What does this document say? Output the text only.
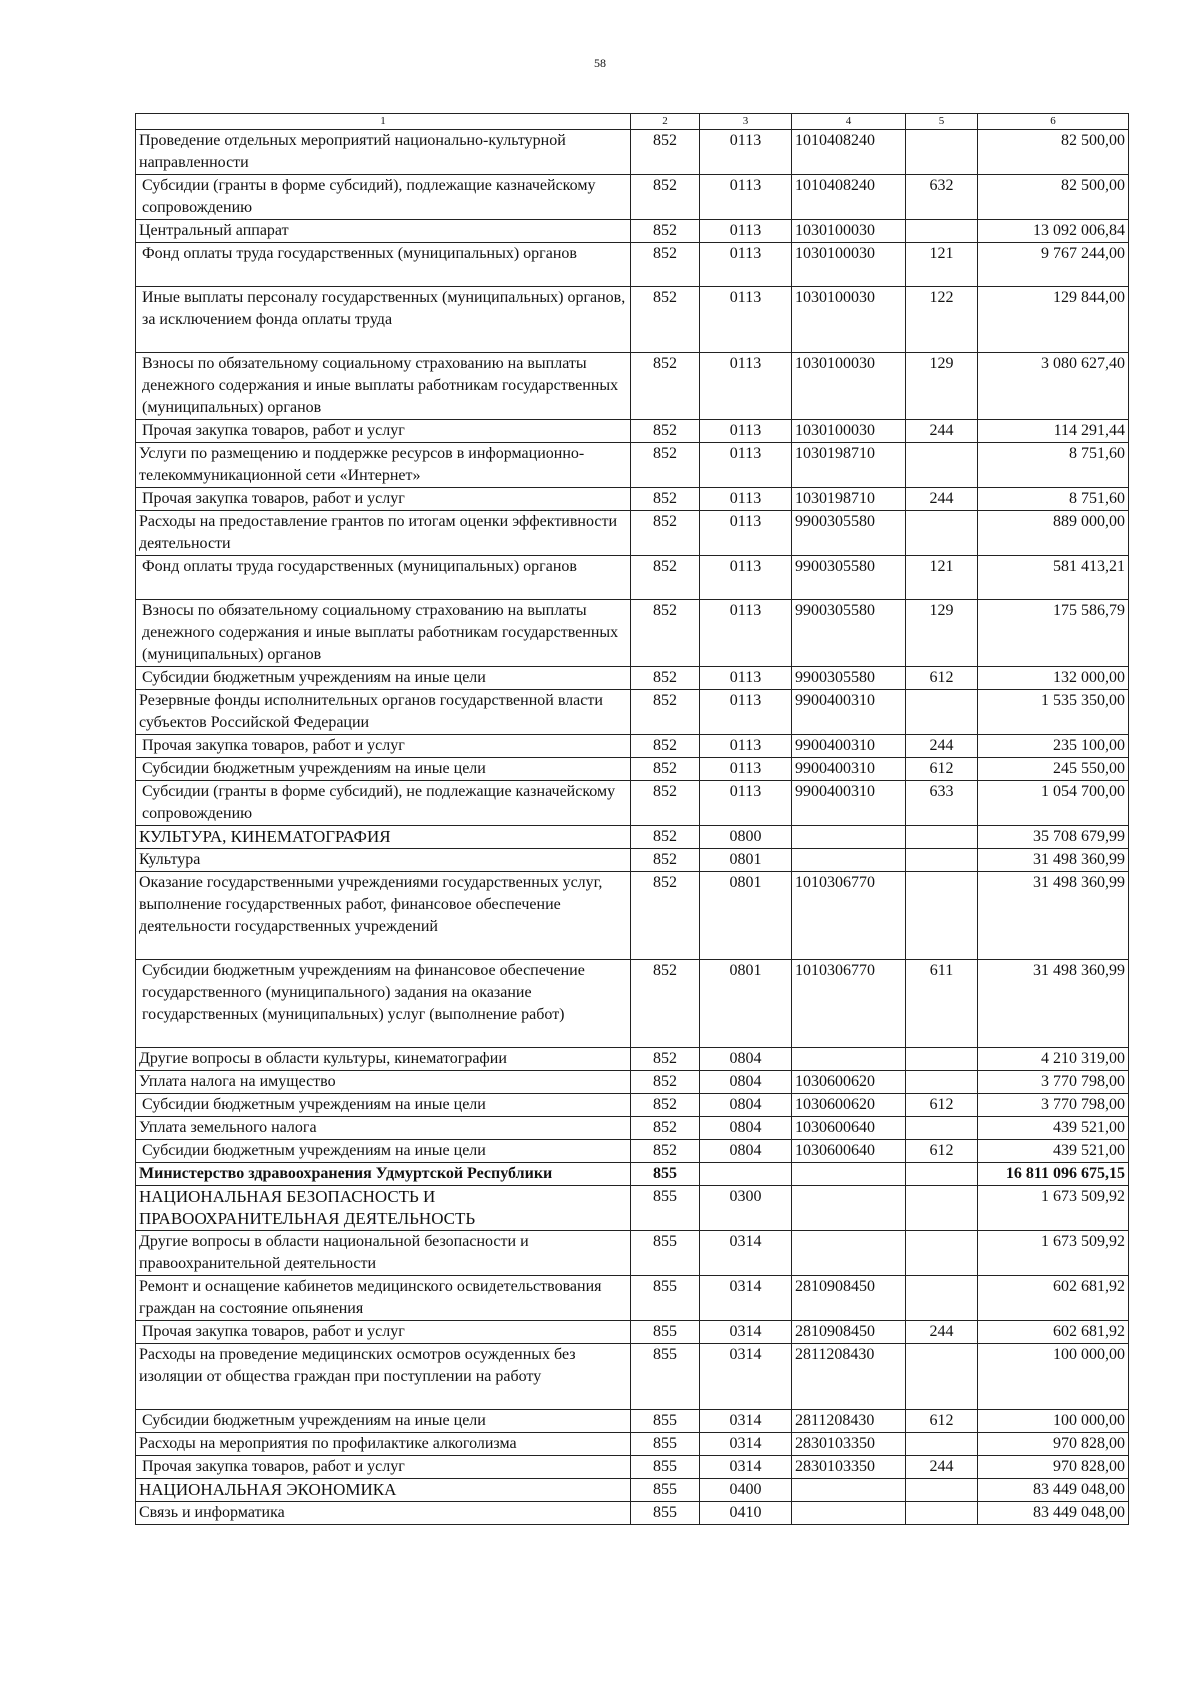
58
1	2	3	4	5	6
Проведение отдельных мероприятий национально-культурной направленности	852	0113	1010408240		82 500,00
Субсидии (гранты в форме субсидий), подлежащие казначейскому сопровождению	852	0113	1010408240	632	82 500,00
Центральный аппарат	852	0113	1030100030		13 092 006,84
Фонд оплаты труда государственных (муниципальных) органов	852	0113	1030100030	121	9 767 244,00
Иные выплаты персоналу государственных (муниципальных) органов, за исключением фонда оплаты труда	852	0113	1030100030	122	129 844,00
Взносы по обязательному социальному страхованию на выплаты денежного содержания и иные выплаты работникам государственных (муниципальных) органов	852	0113	1030100030	129	3 080 627,40
Прочая закупка товаров, работ и услуг	852	0113	1030100030	244	114 291,44
Услуги по размещению и поддержке ресурсов в информационно-телекоммуникационной сети «Интернет»	852	0113	1030198710		8 751,60
Прочая закупка товаров, работ и услуг	852	0113	1030198710	244	8 751,60
Расходы на предоставление грантов по итогам оценки эффективности деятельности	852	0113	9900305580		889 000,00
Фонд оплаты труда государственных (муниципальных) органов	852	0113	9900305580	121	581 413,21
Взносы по обязательному социальному страхованию на выплаты денежного содержания и иные выплаты работникам государственных (муниципальных) органов	852	0113	9900305580	129	175 586,79
Субсидии бюджетным учреждениям на иные цели	852	0113	9900305580	612	132 000,00
Резервные фонды исполнительных органов государственной власти субъектов Российской Федерации	852	0113	9900400310		1 535 350,00
Прочая закупка товаров, работ и услуг	852	0113	9900400310	244	235 100,00
Субсидии бюджетным учреждениям на иные цели	852	0113	9900400310	612	245 550,00
Субсидии (гранты в форме субсидий), не подлежащие казначейскому сопровождению	852	0113	9900400310	633	1 054 700,00
КУЛЬТУРА, КИНЕМАТОГРАФИЯ	852	0800			35 708 679,99
Культура	852	0801			31 498 360,99
Оказание государственными учреждениями государственных услуг, выполнение государственных работ, финансовое обеспечение деятельности государственных учреждений	852	0801	1010306770		31 498 360,99
Субсидии бюджетным учреждениям на финансовое обеспечение государственного (муниципального) задания на оказание государственных (муниципальных) услуг (выполнение работ)	852	0801	1010306770	611	31 498 360,99
Другие вопросы в области культуры, кинематографии	852	0804			4 210 319,00
Уплата налога на имущество	852	0804	1030600620		3 770 798,00
Субсидии бюджетным учреждениям на иные цели	852	0804	1030600620	612	3 770 798,00
Уплата земельного налога	852	0804	1030600640		439 521,00
Субсидии бюджетным учреждениям на иные цели	852	0804	1030600640	612	439 521,00
Министерство здравоохранения Удмуртской Республики	855				16 811 096 675,15
НАЦИОНАЛЬНАЯ БЕЗОПАСНОСТЬ И ПРАВООХРАНИТЕЛЬНАЯ ДЕЯТЕЛЬНОСТЬ	855	0300			1 673 509,92
Другие вопросы в области национальной безопасности и правоохранительной деятельности	855	0314			1 673 509,92
Ремонт и оснащение кабинетов медицинского освидетельствования граждан на состояние опьянения	855	0314	2810908450		602 681,92
Прочая закупка товаров, работ и услуг	855	0314	2810908450	244	602 681,92
Расходы на проведение медицинских осмотров осужденных без изоляции от общества граждан при поступлении на работу	855	0314	2811208430		100 000,00
Субсидии бюджетным учреждениям на иные цели	855	0314	2811208430	612	100 000,00
Расходы на мероприятия по профилактике алкоголизма	855	0314	2830103350		970 828,00
Прочая закупка товаров, работ и услуг	855	0314	2830103350	244	970 828,00
НАЦИОНАЛЬНАЯ ЭКОНОМИКА	855	0400			83 449 048,00
Связь и информатика	855	0410			83 449 048,00
